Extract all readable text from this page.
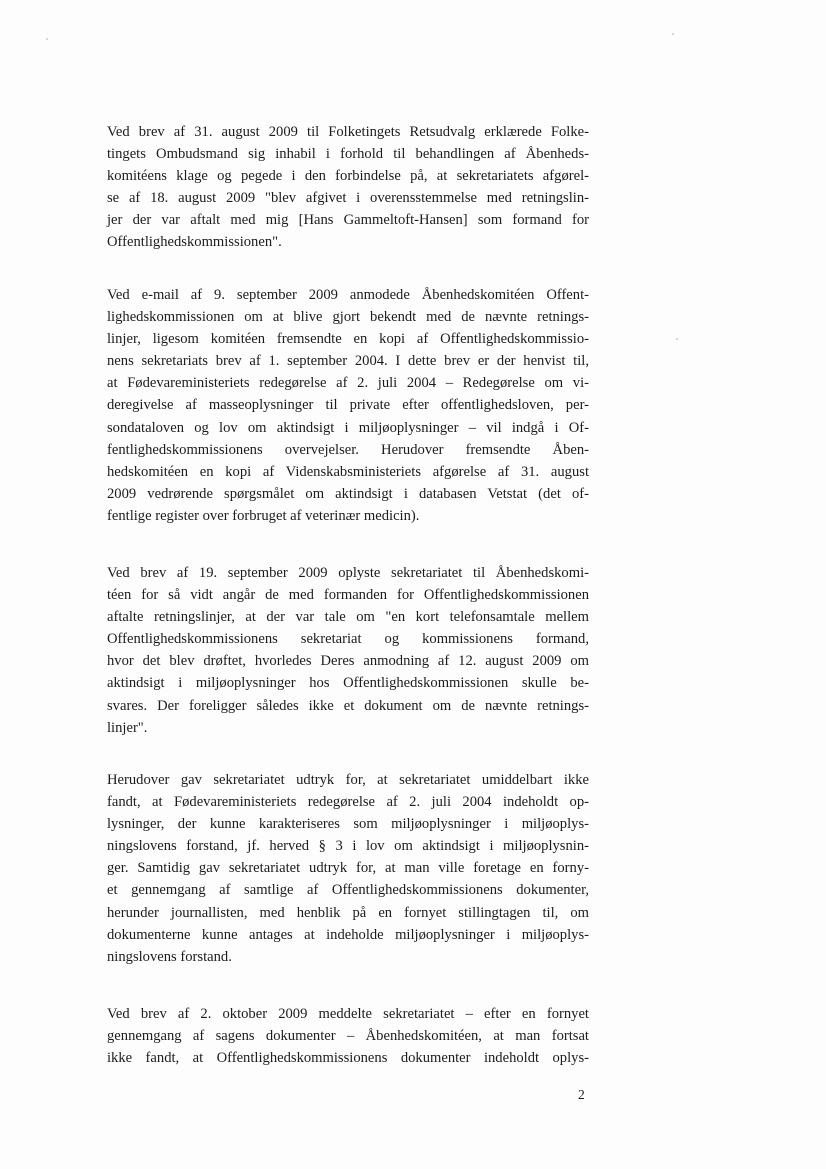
Ved brev af 31. august 2009 til Folketingets Retsudvalg erklærede Folke-
tingets Ombudsmand sig inhabil i forhold til behandlingen af Åbenheds-
komitéens klage og pegede i den forbindelse på, at sekretariatets afgørel-
se af 18. august 2009 "blev afgivet i overensstemmelse med retningslin-
jer der var aftalt med mig [Hans Gammeltoft-Hansen] som formand for
Offentlighedskommissionen".

Ved e-mail af 9. september 2009 anmodede Åbenhedskomitéen Offent-
lighedskommissionen om at blive gjort bekendt med de nævnte retnings-
linjer, ligesom komitéen fremsendte en kopi af Offentlighedskommissio-
nens sekretariats brev af 1. september 2004. I dette brev er der henvist til,
at Fødevareministeriets redegørelse af 2. juli 2004 – Redegørelse om vi-
deregivelse af masseoplysninger til private efter offentlighedsloven, per-
sondataloven og lov om aktindsigt i miljøoplysninger – vil indgå i Of-
fentlighedskommissionens overvejelser. Herudover fremsendte Åben-
hedskomitéen en kopi af Videnskabsministeriets afgørelse af 31. august
2009 vedrørende spørgsmålet om aktindsigt i databasen Vetstat (det of-
fentlige register over forbruget af veterinær medicin).

Ved brev af 19. september 2009 oplyste sekretariatet til Åbenhedskomi-
téen for så vidt angår de med formanden for Offentlighedskommissionen
aftalte retningslinjer, at der var tale om "en kort telefonsamtale mellem
Offentlighedskommissionens sekretariat og kommissionens formand,
hvor det blev drøftet, hvorledes Deres anmodning af 12. august 2009 om
aktindsigt i miljøoplysninger hos Offentlighedskommissionen skulle be-
svares. Der foreligger således ikke et dokument om de nævnte retnings-
linjer".

Herudover gav sekretariatet udtryk for, at sekretariatet umiddelbart ikke
fandt, at Fødevareministeriets redegørelse af 2. juli 2004 indeholdt op-
lysninger, der kunne karakteriseres som miljøoplysninger i miljøoplys-
ningslovens forstand, jf. herved § 3 i lov om aktindsigt i miljøoplysnin-
ger. Samtidig gav sekretariatet udtryk for, at man ville foretage en forny-
et gennemgang af samtlige af Offentlighedskommissionens dokumenter,
herunder journallisten, med henblik på en fornyet stillingtagen til, om
dokumenterne kunne antages at indeholde miljøoplysninger i miljøoplys-
ningslovens forstand.

Ved brev af 2. oktober 2009 meddelte sekretariatet – efter en fornyet
gennemgang af sagens dokumenter – Åbenhedskomitéen, at man fortsat
ikke fandt, at Offentlighedskommissionens dokumenter indeholdt oplys-

2
